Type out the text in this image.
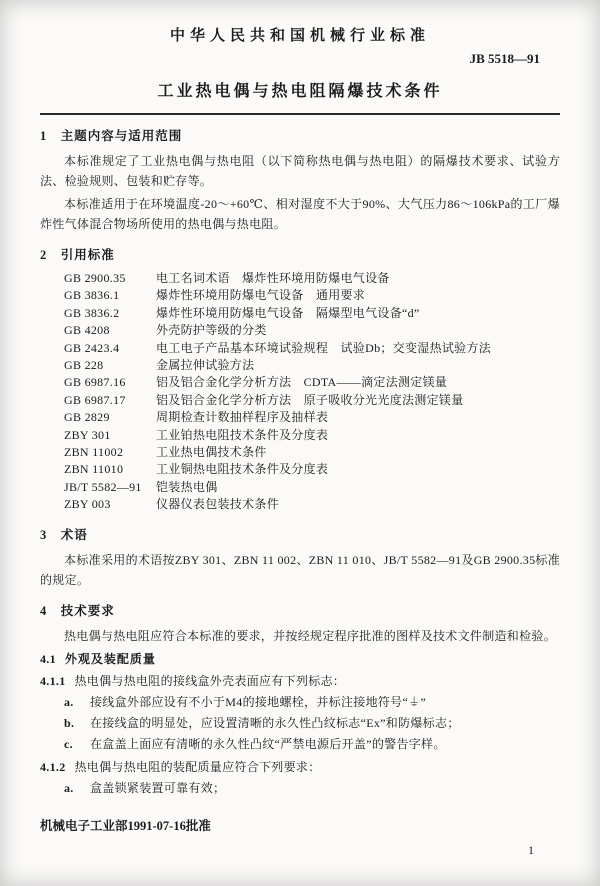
中华人民共和国机械行业标准
JB 5518—91
工业热电偶与热电阻隔爆技术条件
1　主题内容与适用范围

本标准规定了工业热电偶与热电阻（以下简称热电偶与热电阻）的隔爆技术要求、试验方法、检验规则、包装和贮存等。

本标准适用于在环境温度-20～+60℃、相对湿度不大于90%、大气压力86～106kPa的工厂爆炸性气体混合物场所使用的热电偶与热电阻。

2　引用标准
GB 2900.35	电工名词术语　爆炸性环境用防爆电气设备
GB 3836.1	爆炸性环境用防爆电气设备　通用要求
GB 3836.2	爆炸性环境用防爆电气设备　隔爆型电气设备“d”
GB 4208	外壳防护等级的分类
GB 2423.4	电工电子产品基本环境试验规程　试验Db；交变湿热试验方法
GB 228	金属拉伸试验方法
GB 6987.16	铝及铝合金化学分析方法　CDTA——滴定法测定镁量
GB 6987.17	铝及铝合金化学分析方法　原子吸收分光光度法测定镁量
GB 2829	周期检查计数抽样程序及抽样表
ZBY 301	工业铂热电阻技术条件及分度表
ZBN 11002	工业热电偶技术条件
ZBN 11010	工业铜热电阻技术条件及分度表
JB/T 5582—91	铠装热电偶
ZBY 003	仪器仪表包装技术条件
3　术语

本标准采用的术语按ZBY 301、ZBN 11 002、ZBN 11 010、JB/T 5582—91及GB 2900.35标准的规定。

4　技术要求

热电偶与热电阻应符合本标准的要求，并按经规定程序批准的图样及技术文件制造和检验。

4.1 外观及装配质量
4.1.1 热电偶与热电阻的接线盒外壳表面应有下列标志：
a.	接线盒外部应设有不小于M4的接地螺栓，并标注接地符号“⏚”
b.	在接线盒的明显处，应设置清晰的永久性凸纹标志“Ex”和防爆标志；
c.	在盒盖上面应有清晰的永久性凸纹“严禁电源后开盖”的警告字样。
4.1.2 热电偶与热电阻的装配质量应符合下列要求：
a.	盒盖锁紧装置可靠有效；
机械电子工业部1991-07-16批准
1
